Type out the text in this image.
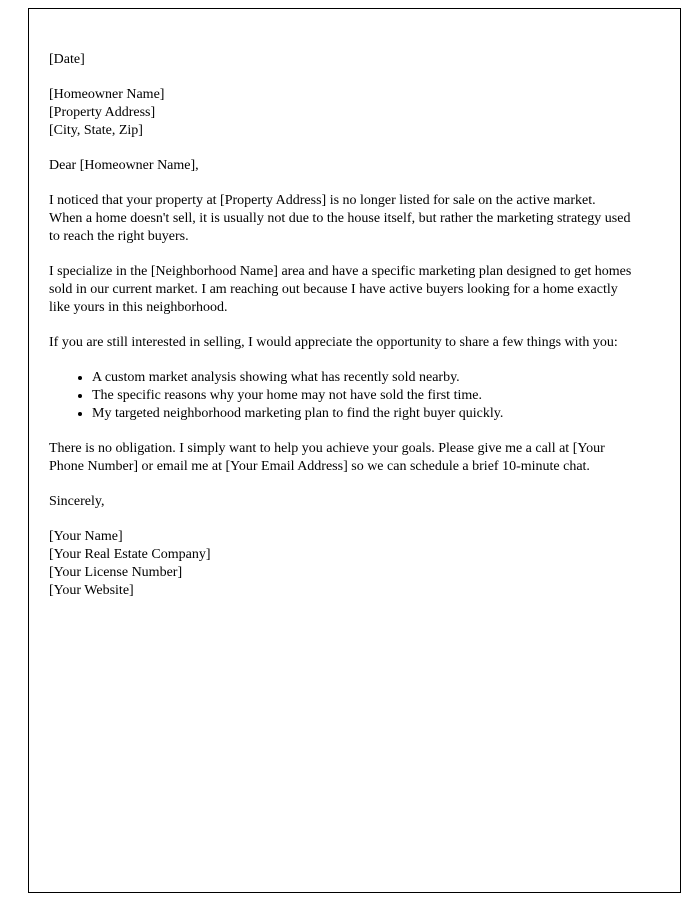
[Date]
[Homeowner Name]
[Property Address]
[City, State, Zip]

Dear [Homeowner Name],

I noticed that your property at [Property Address] is no longer listed for sale on the active market. When a home doesn't sell, it is usually not due to the house itself, but rather the marketing strategy used to reach the right buyers.

I specialize in the [Neighborhood Name] area and have a specific marketing plan designed to get homes sold in our current market. I am reaching out because I have active buyers looking for a home exactly like yours in this neighborhood.

If you are still interested in selling, I would appreciate the opportunity to share a few things with you:

• A custom market analysis showing what has recently sold nearby.
• The specific reasons why your home may not have sold the first time.
• My targeted neighborhood marketing plan to find the right buyer quickly.

There is no obligation. I simply want to help you achieve your goals. Please give me a call at [Your Phone Number] or email me at [Your Email Address] so we can schedule a brief 10-minute chat.

Sincerely,

[Your Name]
[Your Real Estate Company]
[Your License Number]
[Your Website]
